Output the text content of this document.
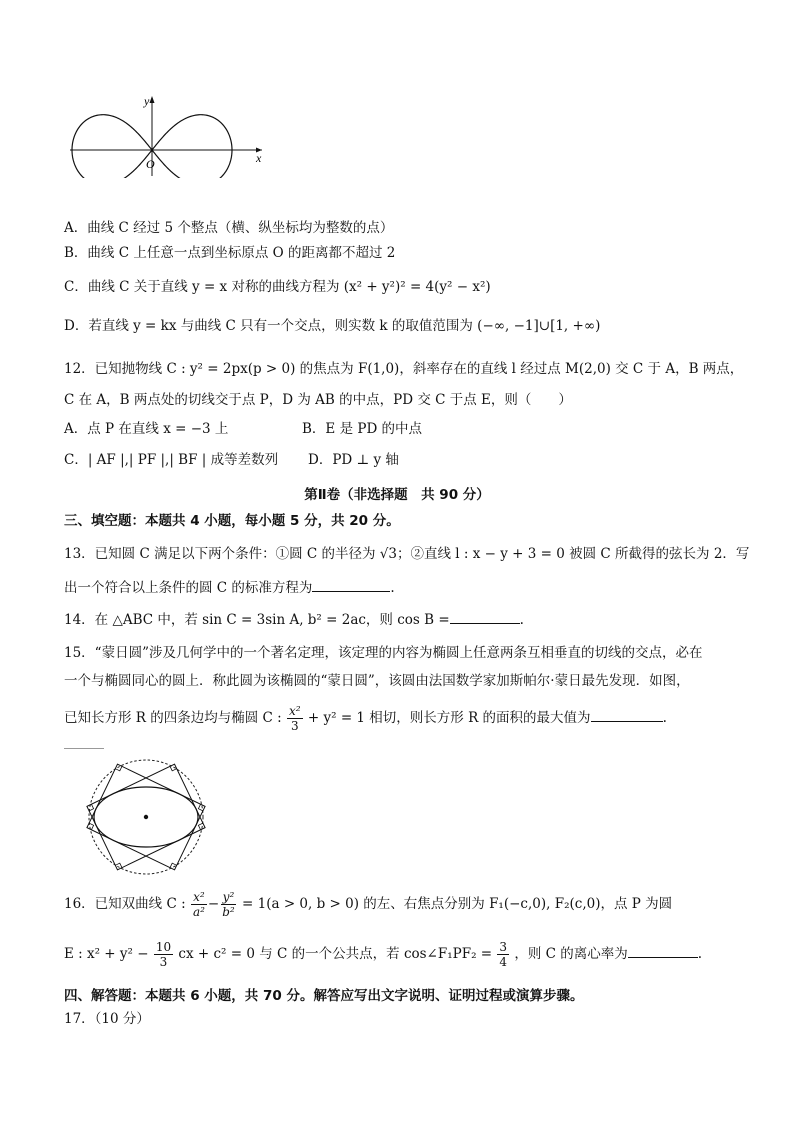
y
x
O
A．曲线 C 经过 5 个整点（横、纵坐标均为整数的点）
B．曲线 C 上任意一点到坐标原点 O 的距离都不超过 2
C．曲线 C 关于直线 y = x 对称的曲线方程为 (x² + y²)² = 4(y² − x²)
D．若直线 y = kx 与曲线 C 只有一个交点，则实数 k 的取值范围为 (−∞, −1]∪[1, +∞)
12．已知抛物线 C : y² = 2px(p > 0) 的焦点为 F(1,0)，斜率存在的直线 l 经过点 M(2,0) 交 C 于 A，B 两点，
C 在 A，B 两点处的切线交于点 P，D 为 AB 的中点，PD 交 C 于点 E，则（　　）
A．点 P 在直线 x = −3 上	B．E 是 PD 的中点
C．| AF |,| PF |,| BF | 成等差数列 D．PD ⊥ y 轴
第Ⅱ卷（非选择题　共 90 分）
三、填空题：本题共 4 小题，每小题 5 分，共 20 分。
13．已知圆 C 满足以下两个条件：①圆 C 的半径为 √3；②直线 l : x − y + 3 = 0 被圆 C 所截得的弦长为 2．写
出一个符合以上条件的圆 C 的标准方程为	.
14．在 △ABC 中，若 sin C = 3sin A, b² = 2ac，则 cos B =	.
15．“蒙日圆”涉及几何学中的一个著名定理，该定理的内容为椭圆上任意两条互相垂直的切线的交点，必在
一个与椭圆同心的圆上．称此圆为该椭圆的“蒙日圆”，该圆由法国数学家加斯帕尔·蒙日最先发现．如图，
已知长方形 R 的四条边均与椭圆 C : $\frac{\text{x²}}{3} + y^2 = 1$ 相切，则长方形 R 的面积的最大值为	.
16．已知双曲线 C : $\frac{\text{x²}}{\text{a²}} - \frac{\text{y²}}{\text{b²}} = 1(a > 0$, b > 0) 的左、右焦点分别为 F₁(−c,0), F₂(c,0)，点 P 为圆
E : $x^2 + y^2 - \frac{10}{3}$ cx + c² = 0 与 C 的一个公共点，若 cos∠F₁PF₂ = $\frac{3}{4}$ ，则 C 的离心率为	.
四、解答题：本题共 6 小题，共 70 分。解答应写出文字说明、证明过程或演算步骤。
17．（10 分）
